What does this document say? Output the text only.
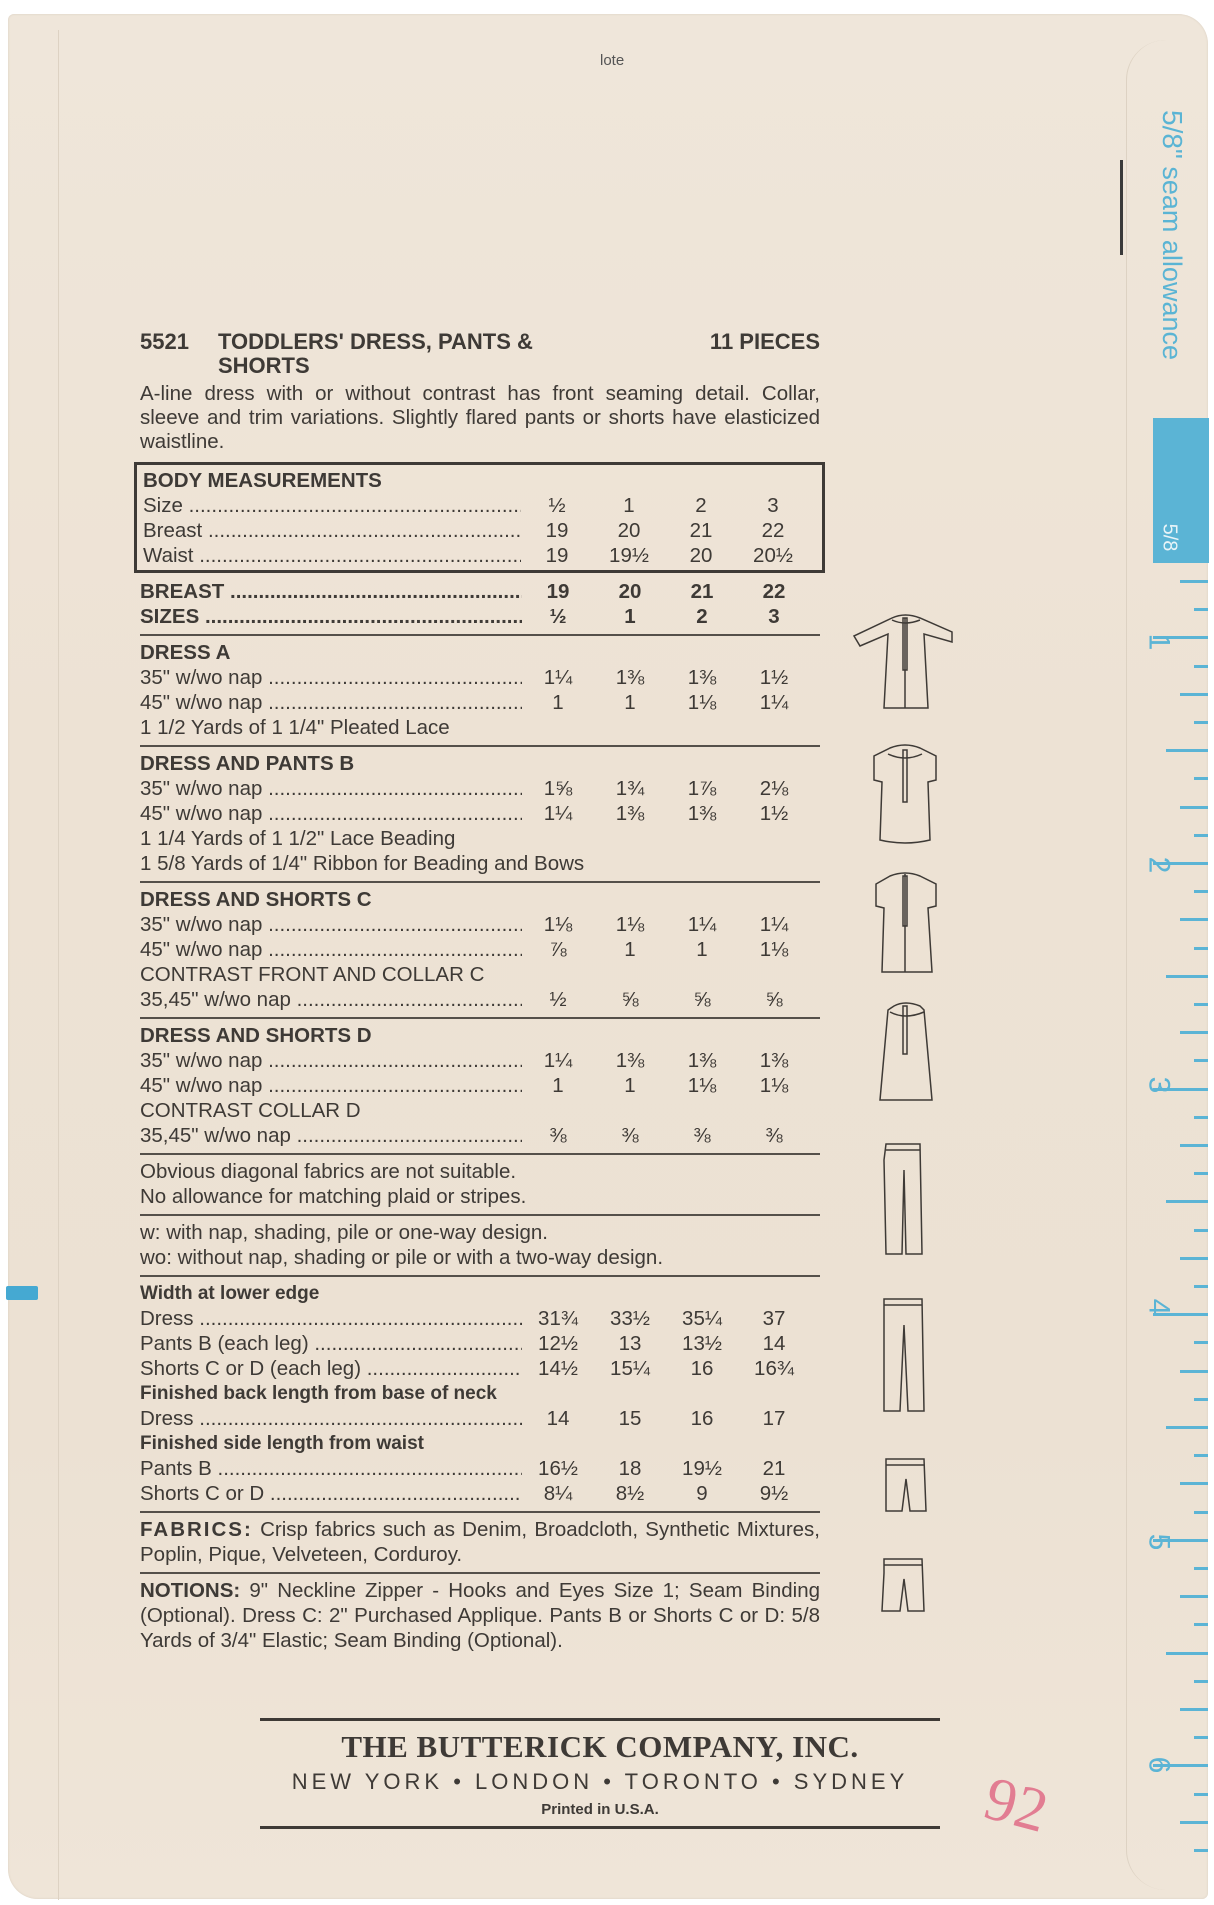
lote
5521	TODDLERS' DRESS, PANTS &
SHORTS
11 PIECES
A-line dress with or without contrast has front seaming detail. Collar, sleeve and trim variations. Slightly flared pants or shorts have elasticized waistline.
BODY MEASUREMENTS
Size .....	½	1	2	3
Breast .....	19	20	21	22
Waist .....	19	19½	20	20½
BREAST .....	19	20	21	22
SIZES .....	½	1	2	3
DRESS A
35" w/wo nap .....	1¼	1⅜	1⅜	1½
45" w/wo nap .....	1	1	1⅛	1¼
1 1/2 Yards of 1 1/4" Pleated Lace
DRESS AND PANTS B
35" w/wo nap .....	1⅝	1¾	1⅞	2⅛
45" w/wo nap .....	1¼	1⅜	1⅜	1½
1 1/4 Yards of 1 1/2" Lace Beading
1 5/8 Yards of 1/4" Ribbon for Beading and Bows
DRESS AND SHORTS C
35" w/wo nap .....	1⅛	1⅛	1¼	1¼
45" w/wo nap .....	⅞	1	1	1⅛
CONTRAST FRONT AND COLLAR C
35,45" w/wo nap .....	½	⅝	⅝	⅝
DRESS AND SHORTS D
35" w/wo nap .....	1¼	1⅜	1⅜	1⅜
45" w/wo nap .....	1	1	1⅛	1⅛
CONTRAST COLLAR D
35,45" w/wo nap .....	⅜	⅜	⅜	⅜
Obvious diagonal fabrics are not suitable.
No allowance for matching plaid or stripes.
w: with nap, shading, pile or one-way design.
wo: without nap, shading or pile or with a two-way design.
Width at lower edge
Dress .....	31¾	33½	35¼	37
Pants B (each leg) .....	12½	13	13½	14
Shorts C or D (each leg) .....	14½	15¼	16	16¾
Finished back length from base of neck
Dress .....	14	15	16	17
Finished side length from waist
Pants B .....	16½	18	19½	21
Shorts C or D .....	8¼	8½	9	9½
FABRICS: Crisp fabrics such as Denim, Broadcloth, Synthetic Mixtures, Poplin, Pique, Velveteen, Corduroy.
NOTIONS: 9" Neckline Zipper - Hooks and Eyes Size 1; Seam Binding (Optional). Dress C: 2" Purchased Applique. Pants B or Shorts C or D: 5/8 Yards of 3/4" Elastic; Seam Binding (Optional).
THE BUTTERICK COMPANY, INC.
NEW YORK • LONDON • TORONTO • SYDNEY
Printed in U.S.A.
5/8" seam allowance
5/8
1
2
3
4
5
6
92
